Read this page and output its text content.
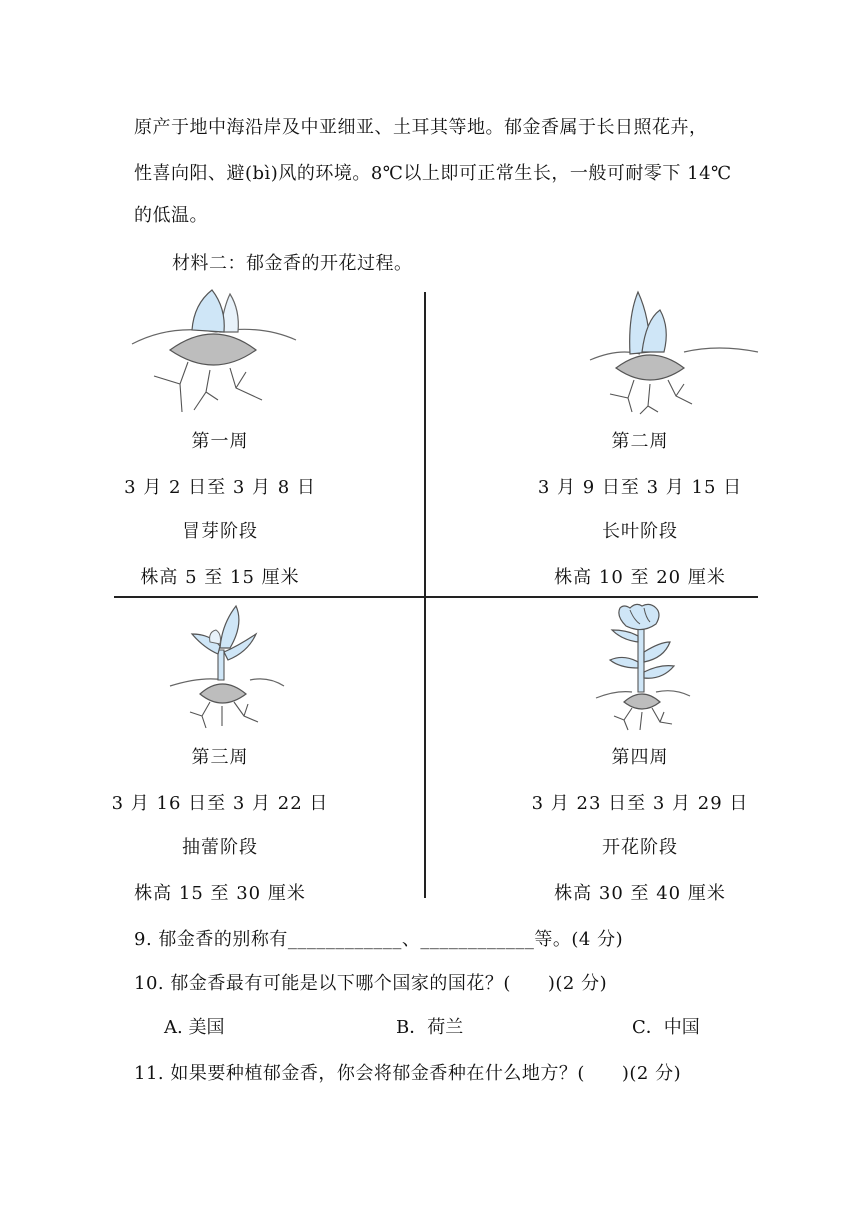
原产于地中海沿岸及中亚细亚、土耳其等地。郁金香属于长日照花卉，
性喜向阳、避(bì)风的环境。8℃以上即可正常生长，一般可耐零下 14℃
的低温。
材料二：郁金香的开花过程。
第一周
3 月 2 日至 3 月 8 日
冒芽阶段
株高 5 至 15 厘米
第二周
3 月 9 日至 3 月 15 日
长叶阶段
株高 10 至 20 厘米
第三周
3 月 16 日至 3 月 22 日
抽蕾阶段
株高 15 至 30 厘米
第四周
3 月 23 日至 3 月 29 日
开花阶段
株高 30 至 40 厘米
9. 郁金香的别称有____________、____________等。(4 分)
10. 郁金香最有可能是以下哪个国家的国花？(　　)(2 分)
A. 美国	B．荷兰	C．中国
11. 如果要种植郁金香，你会将郁金香种在什么地方？(　　)(2 分)
